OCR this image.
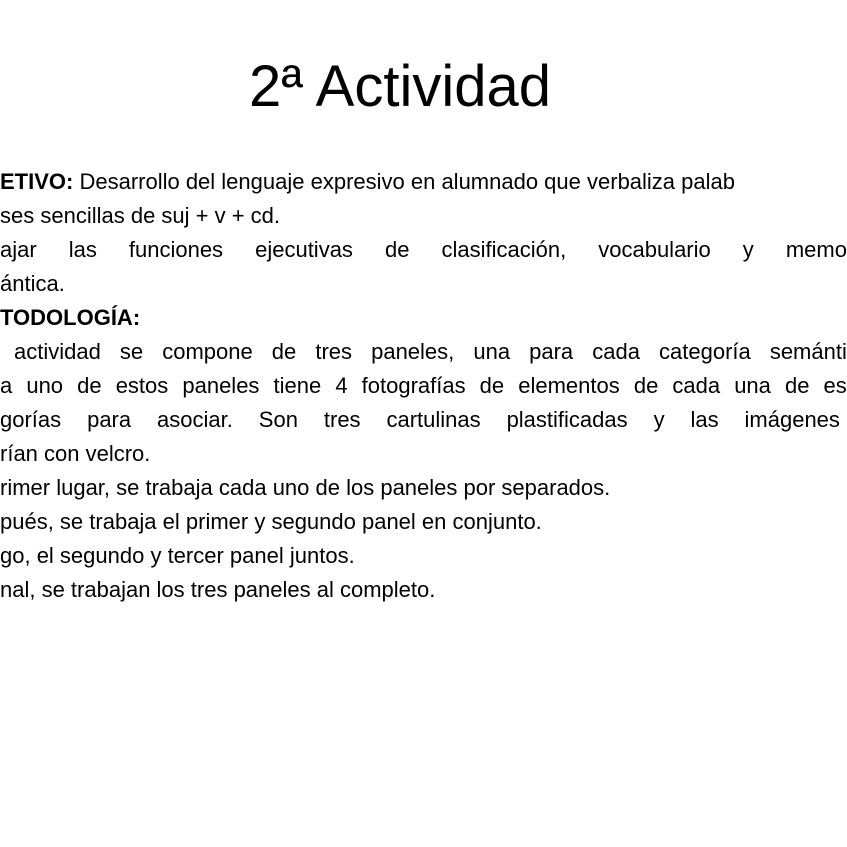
2ª Actividad

ETIVO: Desarrollo del lenguaje expresivo en alumnado que verbaliza palab

ses sencillas de suj + v + cd.

ajar las funciones ejecutivas de clasificación, vocabulario y memo

ántica.

TODOLOGÍA:

actividad se compone de tres paneles, una para cada categoría semánti

a uno de estos paneles tiene 4 fotografías de elementos de cada una de es

gorías para asociar. Son tres cartulinas plastificadas y las imágenes

rían con velcro.

rimer lugar, se trabaja cada uno de los paneles por separados.

pués, se trabaja el primer y segundo panel en conjunto.

go, el segundo y tercer panel juntos.

nal, se trabajan los tres paneles al completo.
